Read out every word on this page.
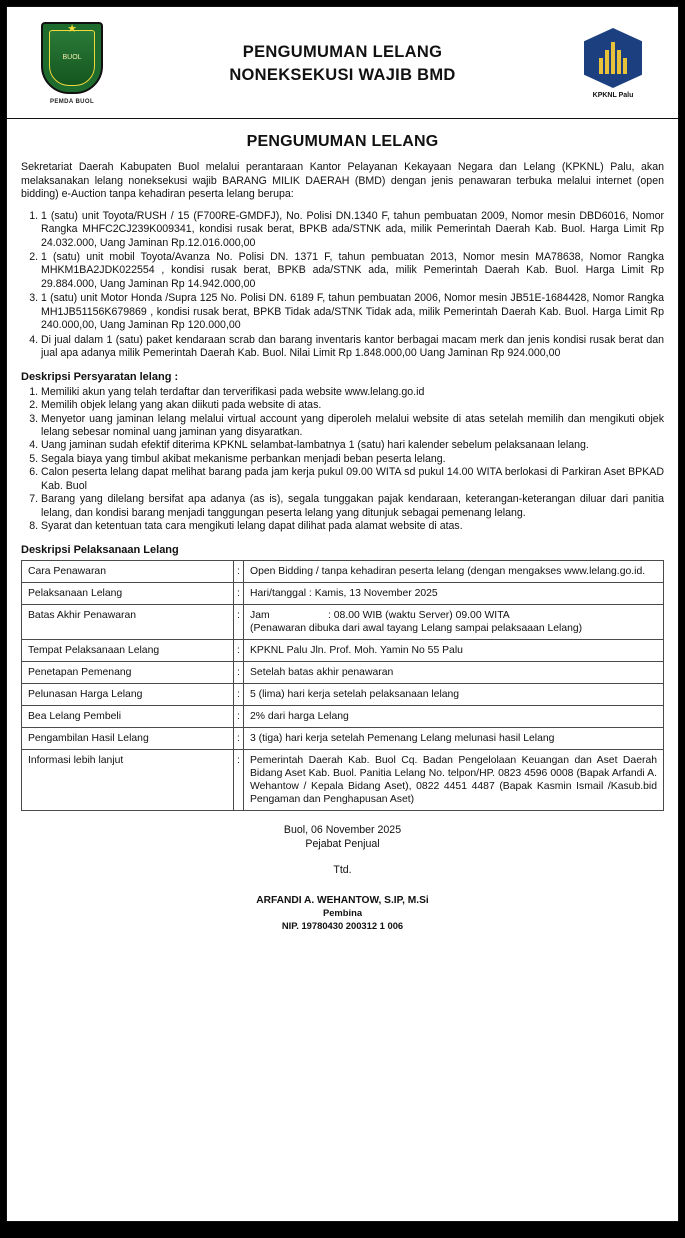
★
BUOL
PEMDA BUOL
PENGUMUMAN LELANG
NONEKSEKUSI WAJIB BMD
KPKNL Palu
PENGUMUMAN LELANG

Sekretariat Daerah Kabupaten Buol melalui perantaraan Kantor Pelayanan Kekayaan Negara dan Lelang (KPKNL) Palu, akan melaksanakan lelang noneksekusi wajib BARANG MILIK DAERAH (BMD) dengan jenis penawaran terbuka melalui internet (open bidding) e-Auction tanpa kehadiran peserta lelang berupa:

1. 1 (satu) unit Toyota/RUSH / 15 (F700RE-GMDFJ), No. Polisi DN.1340 F, tahun pembuatan 2009, Nomor mesin DBD6016, Nomor Rangka MHFC2CJ239K009341, kondisi rusak berat, BPKB ada/STNK ada, milik Pemerintah Daerah Kab. Buol. Harga Limit Rp 24.032.000, Uang Jaminan Rp.12.016.000,00
2. 1 (satu) unit mobil Toyota/Avanza No. Polisi DN. 1371 F, tahun pembuatan 2013, Nomor mesin MA78638, Nomor Rangka MHKM1BA2JDK022554 , kondisi rusak berat, BPKB ada/STNK ada, milik Pemerintah Daerah Kab. Buol. Harga Limit Rp 29.884.000, Uang Jaminan Rp 14.942.000,00
3. 1 (satu) unit Motor Honda /Supra 125 No. Polisi DN. 6189 F, tahun pembuatan 2006, Nomor mesin JB51E-1684428, Nomor Rangka MH1JB51156K679869 , kondisi rusak berat, BPKB Tidak ada/STNK Tidak ada, milik Pemerintah Daerah Kab. Buol. Harga Limit Rp 240.000,00, Uang Jaminan Rp 120.000,00
4. Di jual dalam 1 (satu) paket kendaraan scrab dan barang inventaris kantor berbagai macam merk dan jenis kondisi rusak berat dan jual apa adanya milik Pemerintah Daerah Kab. Buol. Nilai Limit Rp 1.848.000,00 Uang Jaminan Rp 924.000,00
Deskripsi Persyaratan lelang :
1. Memiliki akun yang telah terdaftar dan terverifikasi pada website www.lelang.go.id
2. Memilih objek lelang yang akan diikuti pada website di atas.
3. Menyetor uang jaminan lelang melalui virtual account yang diperoleh melalui website di atas setelah memilih dan mengikuti objek lelang sebesar nominal uang jaminan yang disyaratkan.
4. Uang jaminan sudah efektif diterima KPKNL selambat-lambatnya 1 (satu) hari kalender sebelum pelaksanaan lelang.
5. Segala biaya yang timbul akibat mekanisme perbankan menjadi beban peserta lelang.
6. Calon peserta lelang dapat melihat barang pada jam kerja pukul 09.00 WITA sd pukul 14.00 WITA berlokasi di Parkiran Aset BPKAD Kab. Buol
7. Barang yang dilelang bersifat apa adanya (as is), segala tunggakan pajak kendaraan, keterangan-keterangan diluar dari panitia lelang, dan kondisi barang menjadi tanggungan peserta lelang yang ditunjuk sebagai pemenang lelang.
8. Syarat dan ketentuan tata cara mengikuti lelang dapat dilihat pada alamat website di atas.
Deskripsi Pelaksanaan Lelang
Cara Penawaran	:	Open Bidding / tanpa kehadiran peserta lelang (dengan mengakses www.lelang.go.id.
Pelaksanaan Lelang	:	Hari/tanggal : Kamis, 13 November 2025
Batas Akhir Penawaran	:	Jam : 08.00 WIB (waktu Server) 09.00 WITA
(Penawaran dibuka dari awal tayang Lelang sampai pelaksaaan Lelang)

Tempat Pelaksanaan Lelang	:	KPKNL Palu Jln. Prof. Moh. Yamin No 55 Palu
Penetapan Pemenang	:	Setelah batas akhir penawaran
Pelunasan Harga Lelang	:	5 (lima) hari kerja setelah pelaksanaan lelang
Bea Lelang Pembeli	:	2% dari harga Lelang
Pengambilan Hasil Lelang	:	3 (tiga) hari kerja setelah Pemenang Lelang melunasi hasil Lelang
Informasi lebih lanjut	:	Pemerintah Daerah Kab. Buol Cq. Badan Pengelolaan Keuangan dan Aset Daerah Bidang Aset Kab. Buol. Panitia Lelang No. telpon/HP. 0823 4596 0008 (Bapak Arfandi A. Wehantow / Kepala Bidang Aset), 0822 4451 4487 (Bapak Kasmin Ismail /Kasub.bid Pengaman dan Penghapusan Aset)
Buol, 06 November 2025
Pejabat Penjual
Ttd.
ARFANDI A. WEHANTOW, S.IP, M.Si
Pembina
NIP. 19780430 200312 1 006
